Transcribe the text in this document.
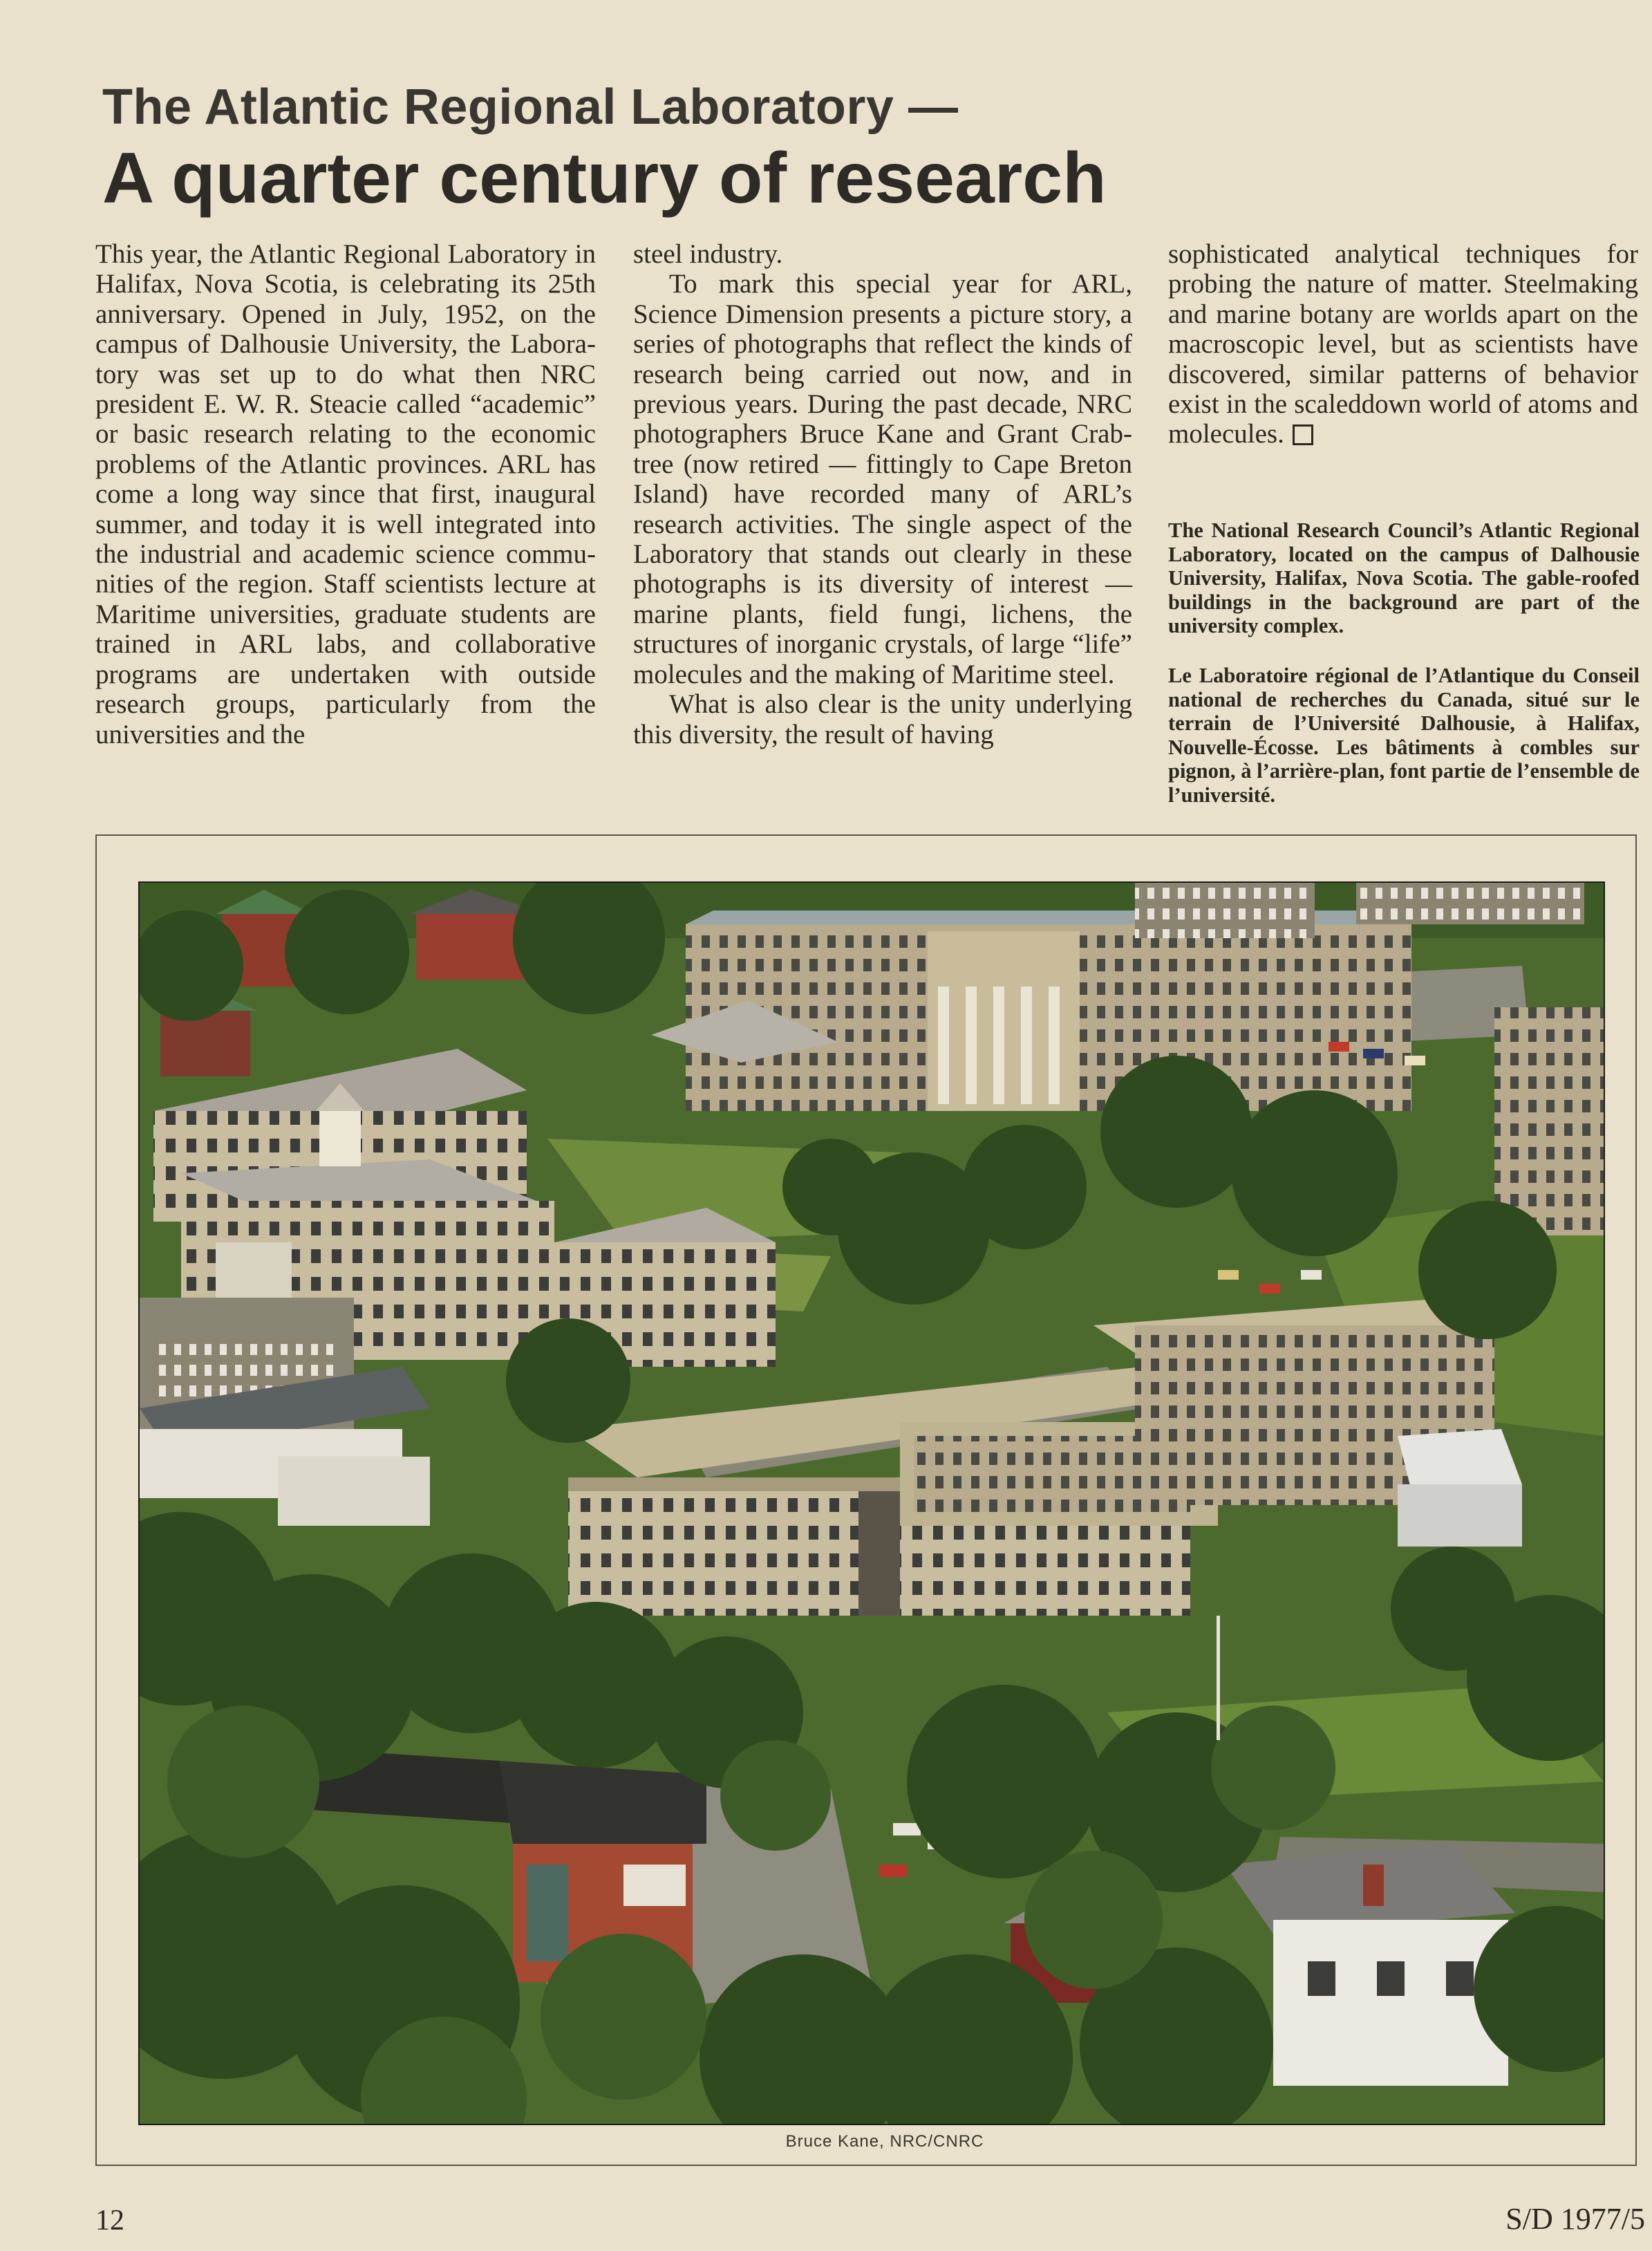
The Atlantic Regional Laboratory —
A quarter century of research

This year, the Atlantic Regional Laboratory in Halifax, Nova Scotia, is celebrating its 25th anniversary. Opened in July, 1952, on the campus of Dalhousie University, the Laboratory was set up to do what then NRC president E. W. R. Steacie called “academic” or basic research relating to the economic problems of the Atlantic provinces. ARL has come a long way since that first, inaugural summer, and today it is well integrated into the industrial and academic science communities of the region. Staff scientists lecture at Maritime universities, graduate students are trained in ARL labs, and collaborative programs are undertaken with outside research groups, particularly from the universities and the

steel industry.

To mark this special year for ARL, Science Dimension presents a picture story, a series of photographs that reflect the kinds of research being carried out now, and in previous years. During the past decade, NRC photographers Bruce Kane and Grant Crabtree (now retired — fittingly to Cape Breton Island) have recorded many of ARL’s research activities. The single aspect of the Laboratory that stands out clearly in these photographs is its diversity of interest — marine plants, field fungi, lichens, the structures of inorganic crystals, of large “life” molecules and the making of Maritime steel.

What is also clear is the unity underlying this diversity, the result of having

sophisticated analytical techniques for probing the nature of matter. Steelmaking and marine botany are worlds apart on the macroscopic level, but as scientists have discovered, similar patterns of behavior exist in the scaleddown world of atoms and molecules.

The National Research Council’s Atlantic Regional Laboratory, located on the campus of Dalhousie University, Halifax, Nova Scotia. The gable-roofed buildings in the background are part of the university complex.
Le Laboratoire régional de l’Atlantique du Conseil national de recherches du Canada, situé sur le terrain de l’Université Dalhousie, à Halifax, Nouvelle-Écosse. Les bâtiments à combles sur pignon, à l’arrière-plan, font partie de l’ensemble de l’université.
Bruce Kane, NRC/CNRC
12	S/D 1977/5
